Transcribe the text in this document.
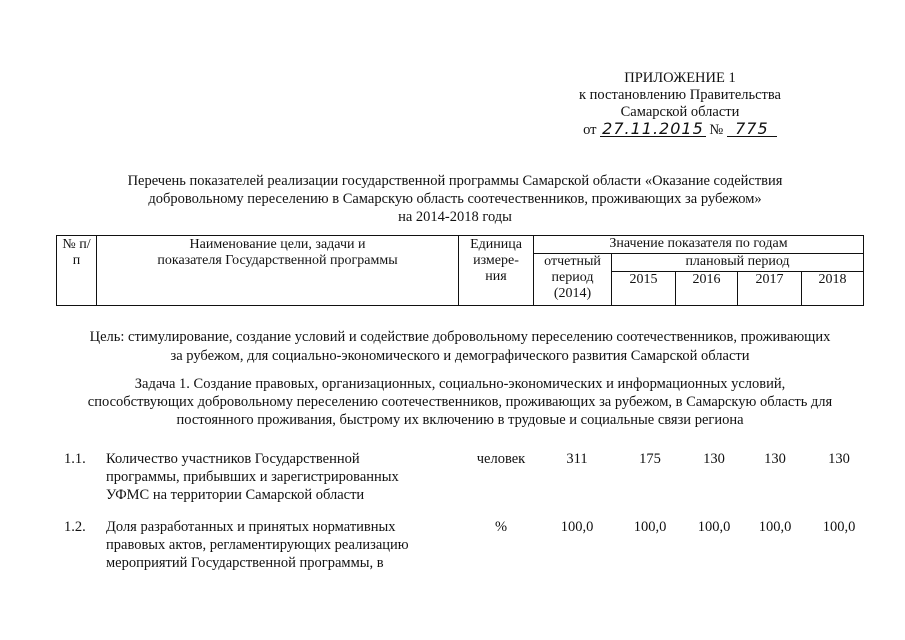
ПРИЛОЖЕНИЕ 1
к постановлению Правительства
Самарской области
от 27.11.2015 № 775
Перечень показателей реализации государственной программы Самарской области «Оказание содействия
добровольному переселению в Самарскую область соотечественников, проживающих за рубежом»
на 2014-2018 годы
№ п/п	Наименование цели, задачи и показателя Государственной программы	Единица измере-ния	Значение показателя по годам				
			отчетный период (2014)	плановый период			
				2015	2016	2017	2018
Цель: стимулирование, создание условий и содействие добровольному переселению соотечественников, проживающих
за рубежом, для социально-экономического и демографического развития Самарской области
Задача 1. Создание правовых, организационных, социально-экономических и информационных условий,
способствующих добровольному переселению соотечественников, проживающих за рубежом, в Самарскую область для
постоянного проживания, быстрому их включению в трудовые и социальные связи региона
1.1.	Количество участников Государственной
программы, прибывших и зарегистрированных
УФМС на территории Самарской области
человек	311	175	130	130	130
1.2.	Доля разработанных и принятых нормативных
правовых актов, регламентирующих реализацию
мероприятий Государственной программы, в
%	100,0	100,0	100,0	100,0	100,0
